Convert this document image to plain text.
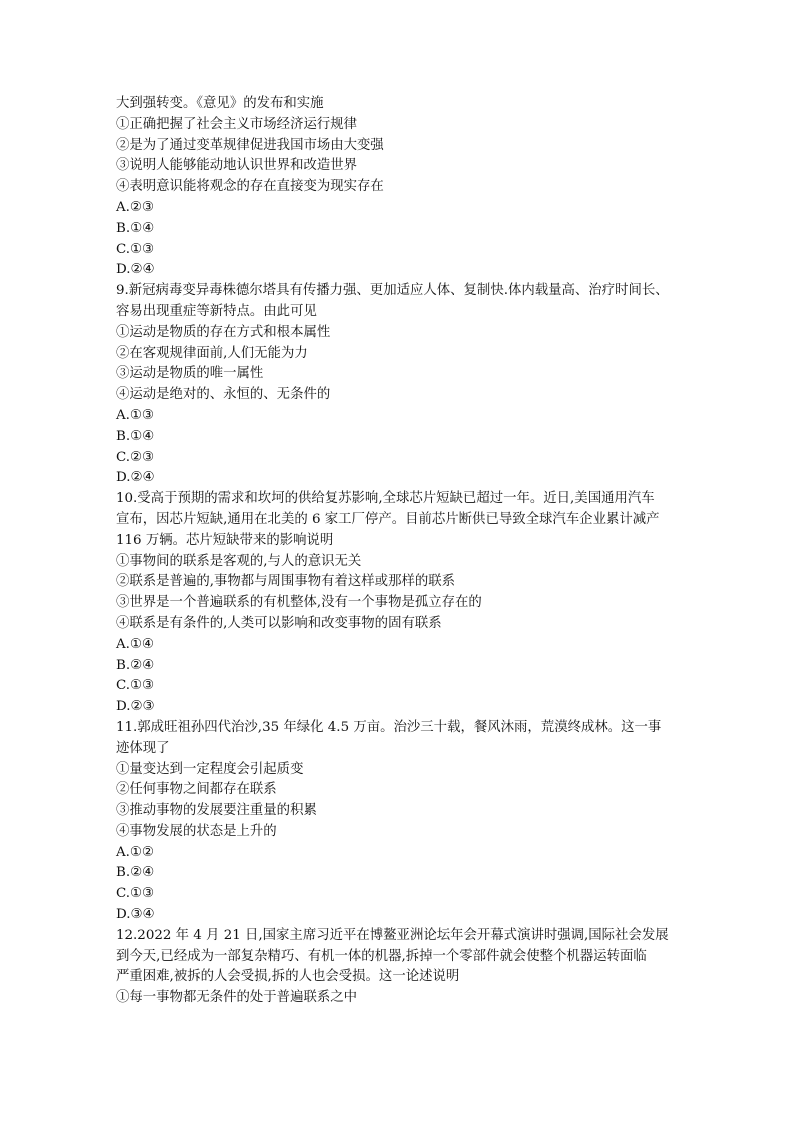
大到强转变。《意见》的发布和实施
①正确把握了社会主义市场经济运行规律
②是为了通过变革规律促进我国市场由大变强
③说明人能够能动地认识世界和改造世界
④表明意识能将观念的存在直接变为现实存在
A.②③
B.①④
C.①③
D.②④
9.新冠病毒变异毒株德尔塔具有传播力强、更加适应人体、复制快.体内载量高、治疗时间长、
容易出现重症等新特点。由此可见
①运动是物质的存在方式和根本属性
②在客观规律面前,人们无能为力
③运动是物质的唯一属性
④运动是绝对的、永恒的、无条件的
A.①③
B.①④
C.②③
D.②④
10.受高于预期的需求和坎坷的供给复苏影响,全球芯片短缺已超过一年。近日,美国通用汽车
宣布，因芯片短缺,通用在北美的 6 家工厂停产。目前芯片断供已导致全球汽车企业累计减产
116 万辆。芯片短缺带来的影响说明
①事物间的联系是客观的,与人的意识无关
②联系是普遍的,事物都与周围事物有着这样或那样的联系
③世界是一个普遍联系的有机整体,没有一个事物是孤立存在的
④联系是有条件的,人类可以影响和改变事物的固有联系
A.①④
B.②④
C.①③
D.②③
11.郭成旺祖孙四代治沙,35 年绿化 4.5 万亩。治沙三十载，餐风沐雨，荒漠终成林。这一事
迹体现了
①量变达到一定程度会引起质变
②任何事物之间都存在联系
③推动事物的发展要注重量的积累
④事物发展的状态是上升的
A.①②
B.②④
C.①③
D.③④
12.2022 年 4 月 21 日,国家主席习近平在博鳌亚洲论坛年会开幕式演讲时强调,国际社会发展
到今天,已经成为一部复杂精巧、有机一体的机器,拆掉一个零部件就会使整个机器运转面临
严重困难,被拆的人会受损,拆的人也会受损。这一论述说明
①每一事物都无条件的处于普遍联系之中
